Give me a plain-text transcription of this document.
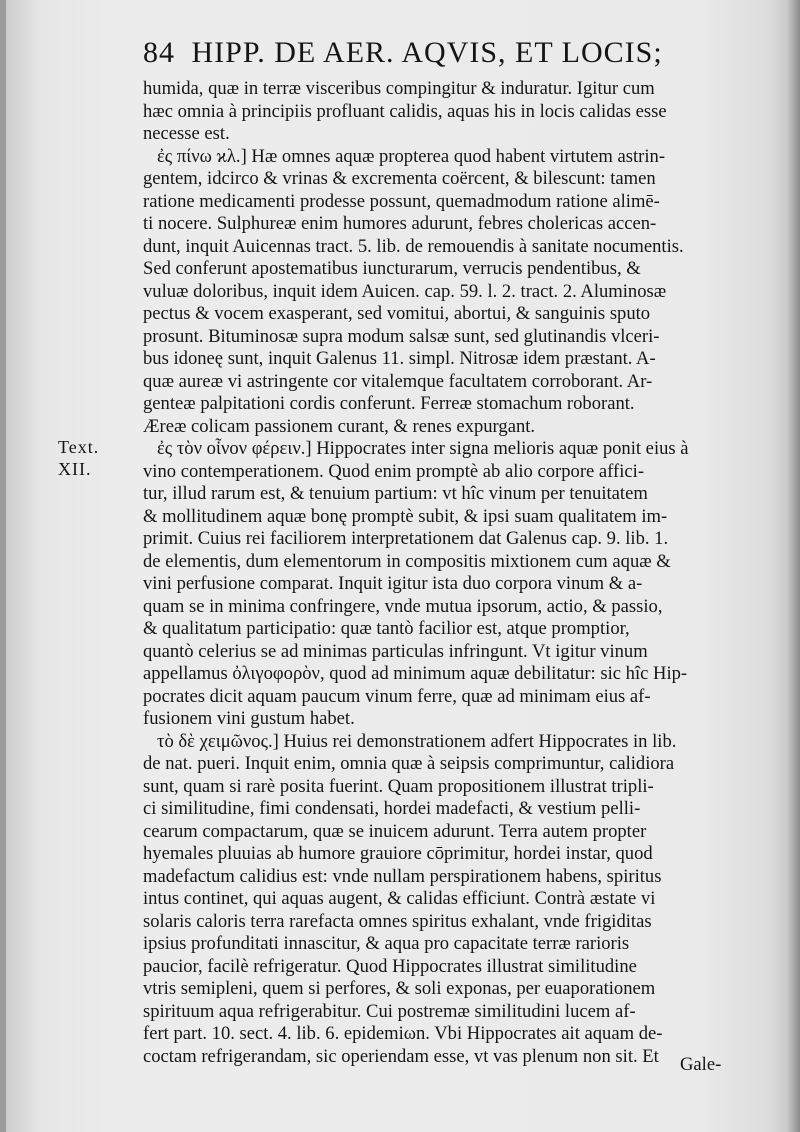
84 HIPP. DE AER. AQVIS, ET LOCIS;
Text.
XII.
humida, quæ in terræ visceribus compingitur & induratur. Igitur cum
hæc omnia à principiis profluant calidis, aquas his in locis calidas esse
necesse est.
ἐς πίνω ϰλ.] Hæ omnes aquæ propterea quod habent virtutem astrin-
gentem, idcirco & vrinas & excrementa coërcent, & bilescunt: tamen
ratione medicamenti prodesse possunt, quemadmodum ratione alimē-
ti nocere. Sulphureæ enim humores adurunt, febres cholericas accen-
dunt, inquit Auicennas tract. 5. lib. de remouendis à sanitate nocumentis.
Sed conferunt apostematibus iuncturarum, verrucis pendentibus, &
vuluæ doloribus, inquit idem Auicen. cap. 59. l. 2. tract. 2. Aluminosæ
pectus & vocem exasperant, sed vomitui, abortui, & sanguinis sputo
prosunt. Bituminosæ supra modum salsæ sunt, sed glutinandis vlceri-
bus idoneę sunt, inquit Galenus 11. simpl. Nitrosæ idem præstant. A-
quæ aureæ vi astringente cor vitalemque facultatem corroborant. Ar-
genteæ palpitationi cordis conferunt. Ferreæ stomachum roborant.
Æreæ colicam passionem curant, & renes expurgant.
ἐς τὸν οἶνον φέρειν.] Hippocrates inter signa melioris aquæ ponit eius à
vino contemperationem. Quod enim promptè ab alio corpore affici-
tur, illud rarum est, & tenuium partium: vt hîc vinum per tenuitatem
& mollitudinem aquæ bonę promptè subit, & ipsi suam qualitatem im-
primit. Cuius rei faciliorem interpretationem dat Galenus cap. 9. lib. 1.
de elementis, dum elementorum in compositis mixtionem cum aquæ &
vini perfusione comparat. Inquit igitur ista duo corpora vinum & a-
quam se in minima confringere, vnde mutua ipsorum, actio, & passio,
& qualitatum participatio: quæ tantò facilior est, atque promptior,
quantò celerius se ad minimas particulas infringunt. Vt igitur vinum
appellamus ὀλιγοφορὸν, quod ad minimum aquæ debilitatur: sic hîc Hip-
pocrates dicit aquam paucum vinum ferre, quæ ad minimam eius af-
fusionem vini gustum habet.
τὸ δὲ χειμῶνος.] Huius rei demonstrationem adfert Hippocrates in lib.
de nat. pueri. Inquit enim, omnia quæ à seipsis comprimuntur, calidiora
sunt, quam si rarè posita fuerint. Quam propositionem illustrat tripli-
ci similitudine, fimi condensati, hordei madefacti, & vestium pelli-
cearum compactarum, quæ se inuicem adurunt. Terra autem propter
hyemales pluuias ab humore grauiore cōprimitur, hordei instar, quod
madefactum calidius est: vnde nullam perspirationem habens, spiritus
intus continet, qui aquas augent, & calidas efficiunt. Contrà æstate vi
solaris caloris terra rarefacta omnes spiritus exhalant, vnde frigiditas
ipsius profunditati innascitur, & aqua pro capacitate terræ rarioris
paucior, facilè refrigeratur. Quod Hippocrates illustrat similitudine
vtris semipleni, quem si perfores, & soli exponas, per euaporationem
spirituum aqua refrigerabitur. Cui postremæ similitudini lucem af-
fert part. 10. sect. 4. lib. 6. epidemiωn. Vbi Hippocrates ait aquam de-
coctam refrigerandam, sic operiendam esse, vt vas plenum non sit. Et	Gale-
